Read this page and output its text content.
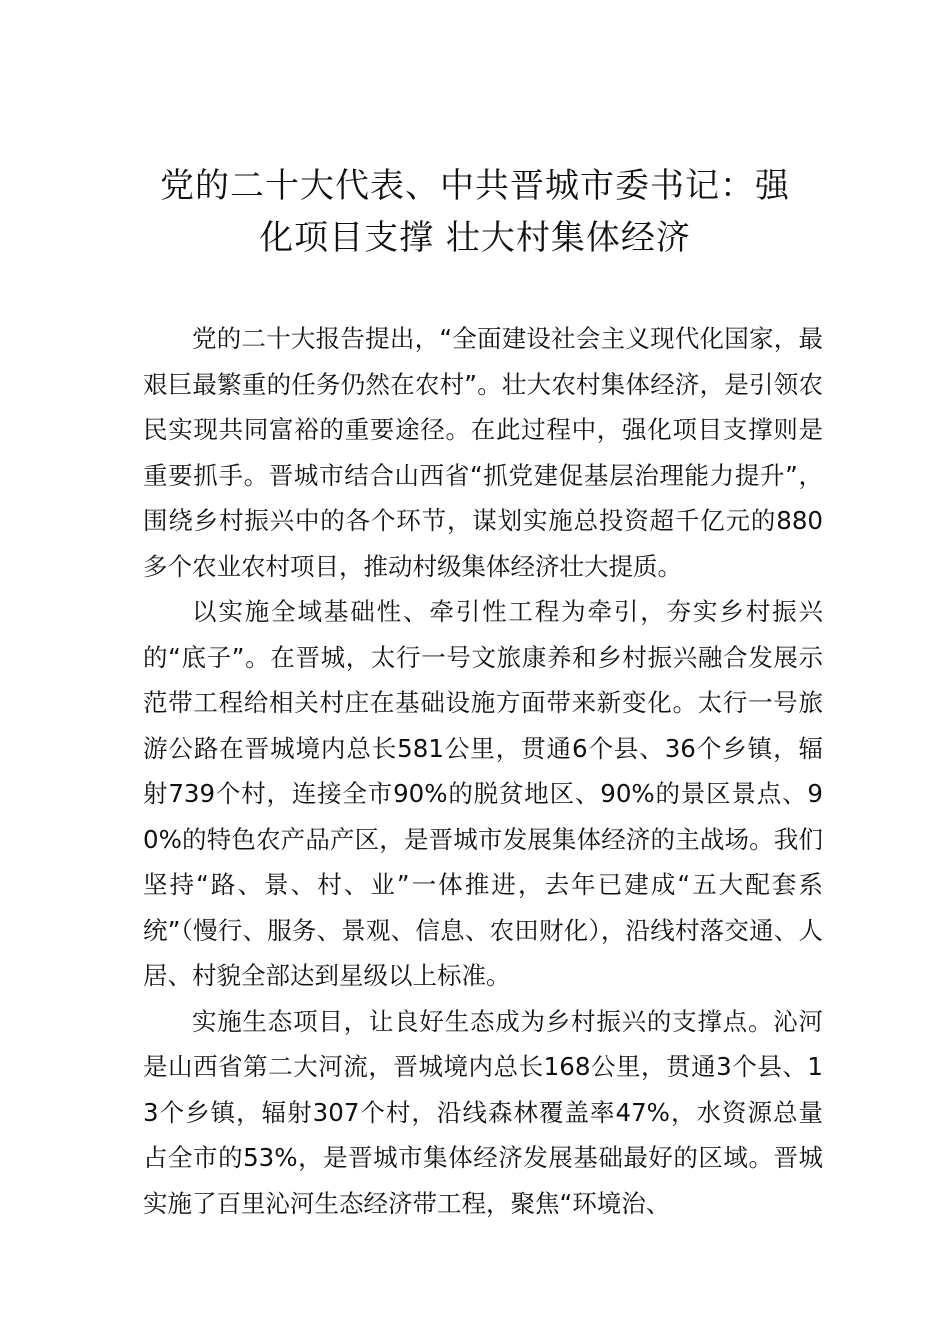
党的二十大代表、中共晋城市委书记：强
化项目支撑 壮大村集体经济

党的二十大报告提出，“全面建设社会主义现代化国家，最艰巨最繁重的任务仍然在农村”。壮大农村集体经济，是引领农民实现共同富裕的重要途径。在此过程中，强化项目支撑则是重要抓手。晋城市结合山西省“抓党建促基层治理能力提升”，围绕乡村振兴中的各个环节，谋划实施总投资超千亿元的880多个农业农村项目，推动村级集体经济壮大提质。

以实施全域基础性、牵引性工程为牵引，夯实乡村振兴的“底子”。在晋城，太行一号文旅康养和乡村振兴融合发展示范带工程给相关村庄在基础设施方面带来新变化。太行一号旅游公路在晋城境内总长581公里，贯通6个县、36个乡镇，辐射739个村，连接全市90%的脱贫地区、90%的景区景点、90%的特色农产品产区，是晋城市发展集体经济的主战场。我们坚持“路、景、村、业”一体推进，去年已建成“五大配套系统”（慢行、服务、景观、信息、农田财化），沿线村落交通、人居、村貌全部达到星级以上标准。

实施生态项目，让良好生态成为乡村振兴的支撑点。沁河是山西省第二大河流，晋城境内总长168公里，贯通3个县、13个乡镇，辐射307个村，沿线森林覆盖率47%，水资源总量占全市的53%，是晋城市集体经济发展基础最好的区域。晋城实施了百里沁河生态经济带工程，聚焦“环境治、
